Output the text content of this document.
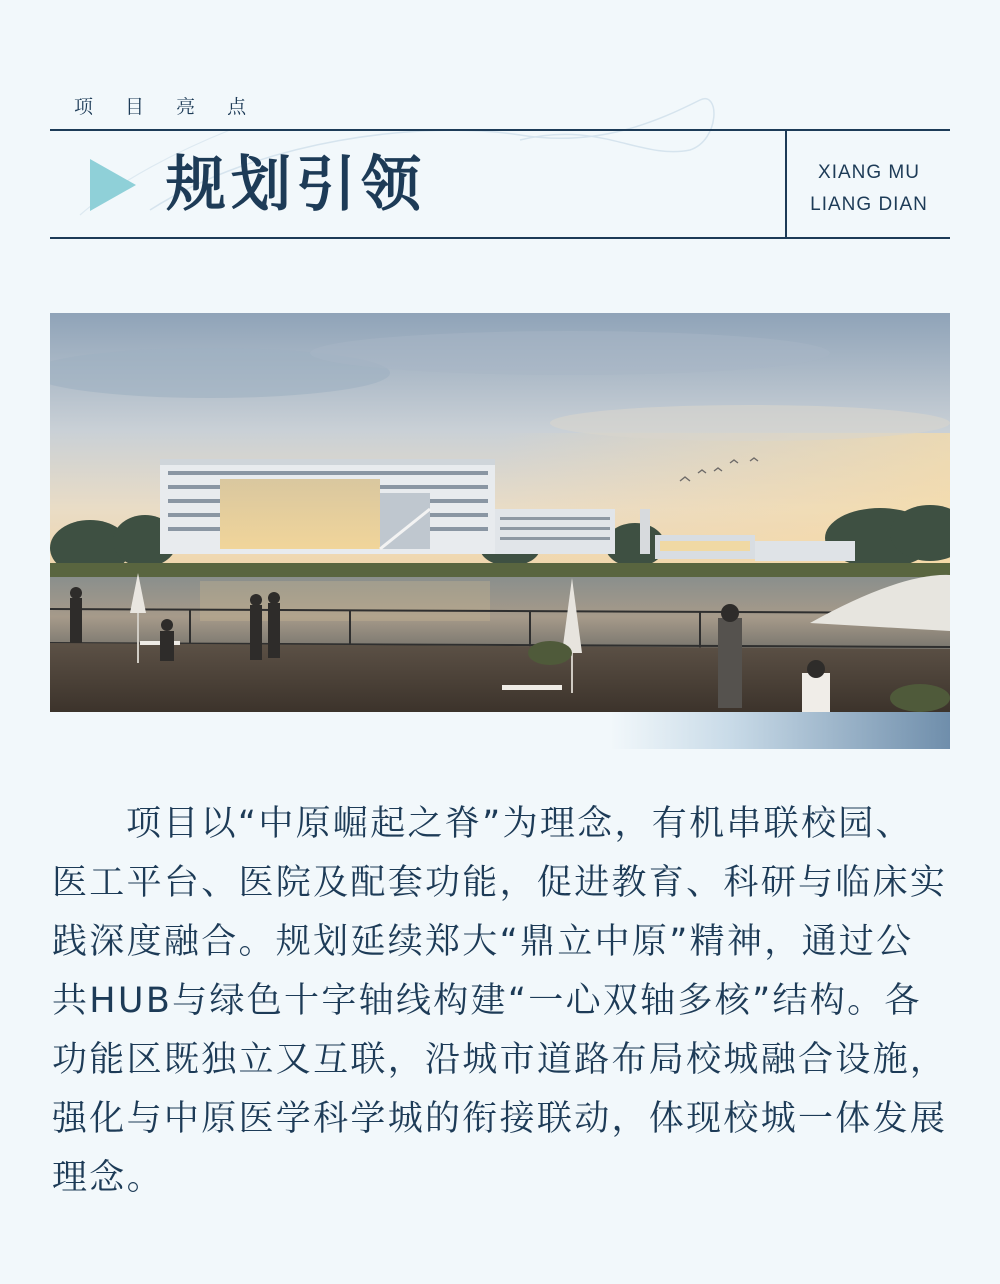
项 目 亮 点
规划引领	XIANG MU
LIANG DIAN

项目以“中原崛起之脊”为理念，有机串联校园、医工平台、医院及配套功能，促进教育、科研与临床实践深度融合。规划延续郑大“鼎立中原”精神，通过公共HUB与绿色十字轴线构建“一心双轴多核”结构。各功能区既独立又互联，沿城市道路布局校城融合设施，强化与中原医学科学城的衔接联动，体现校城一体发展理念。
